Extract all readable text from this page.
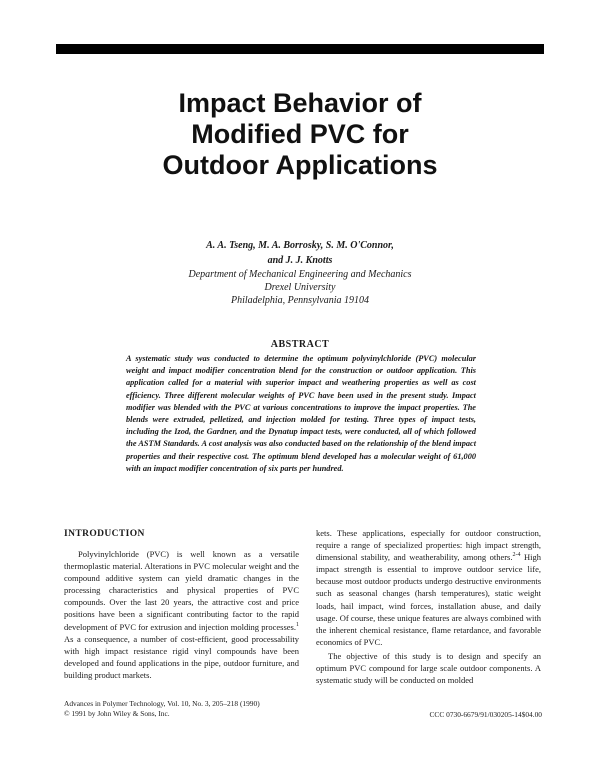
Impact Behavior of
Modified PVC for
Outdoor Applications
A. A. Tseng, M. A. Borrosky, S. M. O'Connor,
and J. J. Knotts
Department of Mechanical Engineering and Mechanics
Drexel University
Philadelphia, Pennsylvania 19104
ABSTRACT
A systematic study was conducted to determine the optimum polyvinylchloride (PVC) molecular weight and impact modifier concentration blend for the construction or outdoor application. This application called for a material with superior impact and weathering properties as well as cost efficiency. Three different molecular weights of PVC have been used in the present study. Impact modifier was blended with the PVC at various concentrations to improve the impact properties. The blends were extruded, pelletized, and injection molded for testing. Three types of impact tests, including the Izod, the Gardner, and the Dynatup impact tests, were conducted, all of which followed the ASTM Standards. A cost analysis was also conducted based on the relationship of the blend impact properties and their respective cost. The optimum blend developed has a molecular weight of 61,000 with an impact modifier concentration of six parts per hundred.
INTRODUCTION
Polyvinylchloride (PVC) is well known as a versatile thermoplastic material. Alterations in PVC molecular weight and the compound additive system can yield dramatic changes in the processing characteristics and physical properties of PVC compounds. Over the last 20 years, the attractive cost and price positions have been a significant contributing factor to the rapid development of PVC for extrusion and injection molding processes.$^1$ As a consequence, a number of cost-efficient, good processability with high impact resistance rigid vinyl compounds have been developed and found applications in the pipe, outdoor furniture, and building product markets.

kets. These applications, especially for outdoor construction, require a range of specialized properties: high impact strength, dimensional stability, and weatherability, among others.$^{2-4}$ High impact strength is essential to improve outdoor service life, because most outdoor products undergo destructive environments such as seasonal changes (harsh temperatures), static weight loads, hail impact, wind forces, installation abuse, and daily usage. Of course, these unique features are always combined with the inherent chemical resistance, flame retardance, and favorable economics of PVC.

The objective of this study is to design and specify an optimum PVC compound for large scale outdoor components. A systematic study will be conducted on molded

Advances in Polymer Technology, Vol. 10, No. 3, 205–218 (1990)
© 1991 by John Wiley & Sons, Inc.	CCC 0730-6679/91/030205-14$04.00
